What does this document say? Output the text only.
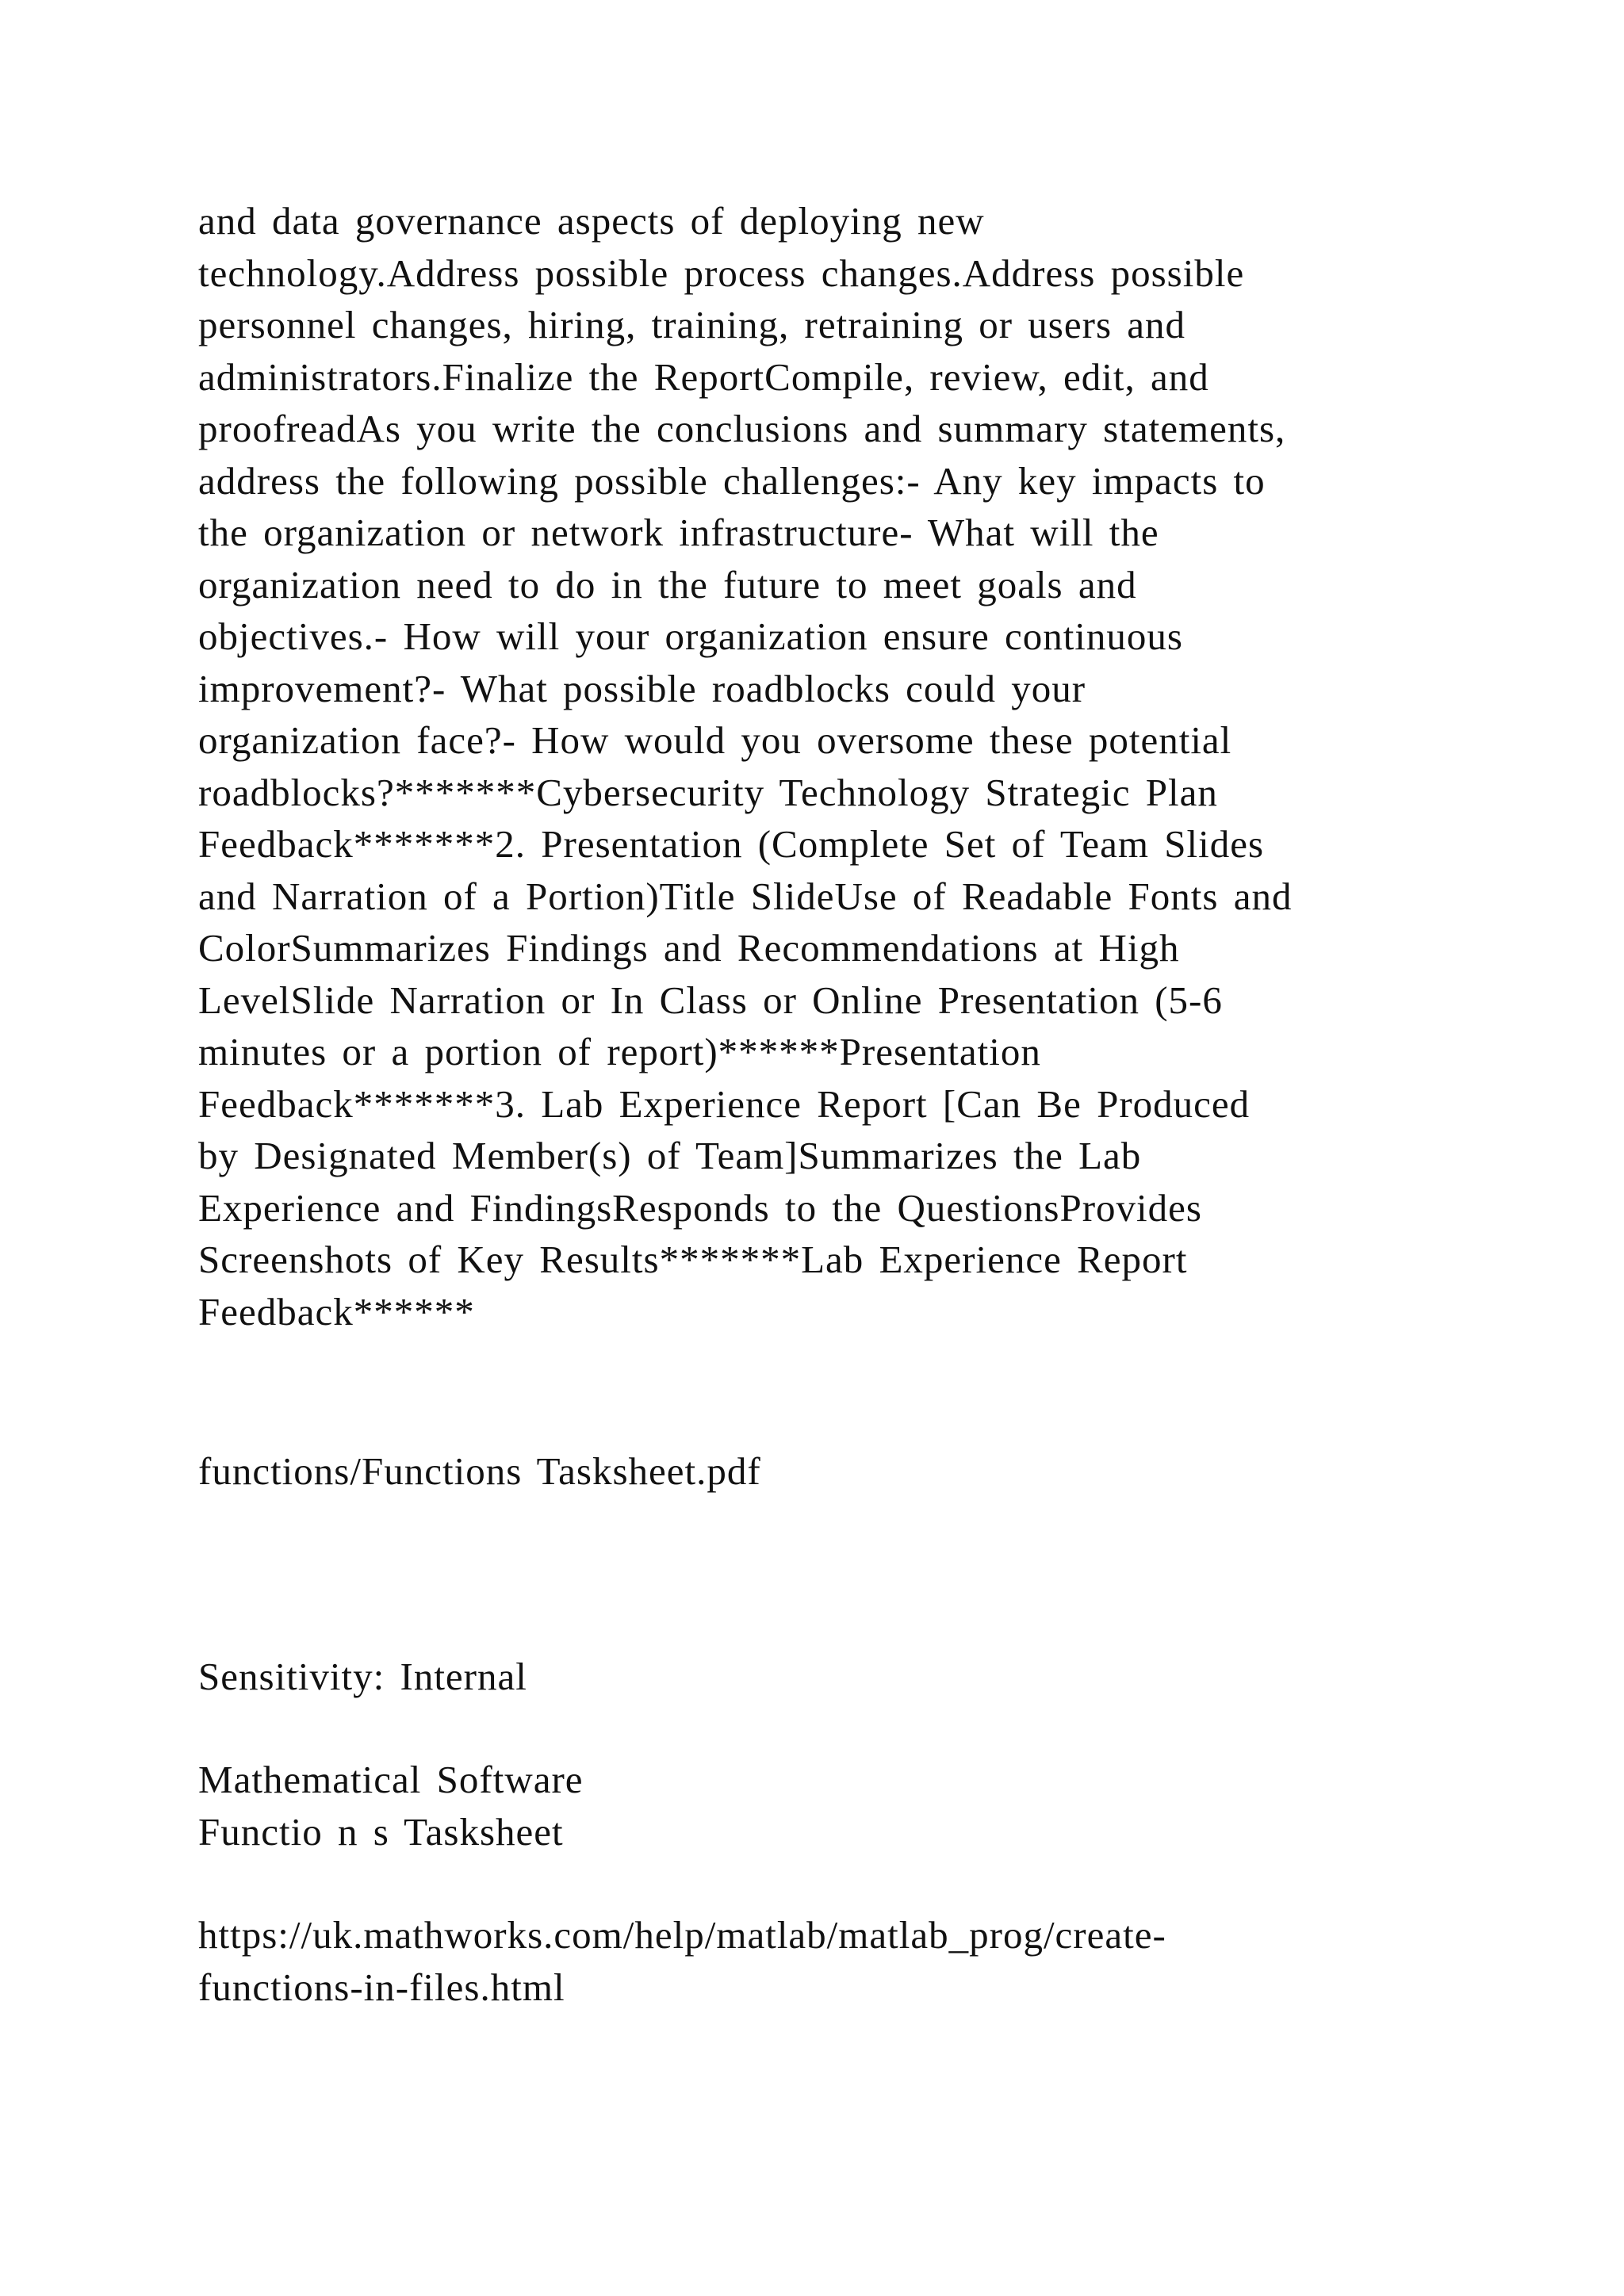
and data governance aspects of deploying new
technology.Address possible process changes.Address possible
personnel changes, hiring, training, retraining or users and
administrators.Finalize the ReportCompile, review, edit, and
proofreadAs you write the conclusions and summary statements,
address the following possible challenges:- Any key impacts to
the organization or network infrastructure- What will the
organization need to do in the future to meet goals and
objectives.- How will your organization ensure continuous
improvement?- What possible roadblocks could your
organization face?- How would you oversome these potential
roadblocks?*******Cybersecurity Technology Strategic Plan
Feedback*******2. Presentation (Complete Set of Team Slides
and Narration of a Portion)Title SlideUse of Readable Fonts and
ColorSummarizes Findings and Recommendations at High
LevelSlide Narration or In Class or Online Presentation (5-6
minutes or a portion of report)******Presentation
Feedback*******3. Lab Experience Report [Can Be Produced
by Designated Member(s) of Team]Summarizes the Lab
Experience and FindingsResponds to the QuestionsProvides
Screenshots of Key Results*******Lab Experience Report
Feedback******
functions/Functions Tasksheet.pdf
Sensitivity: Internal
Mathematical Software
Functio n s Tasksheet
https://uk.mathworks.com/help/matlab/matlab_prog/create-
functions-in-files.html
